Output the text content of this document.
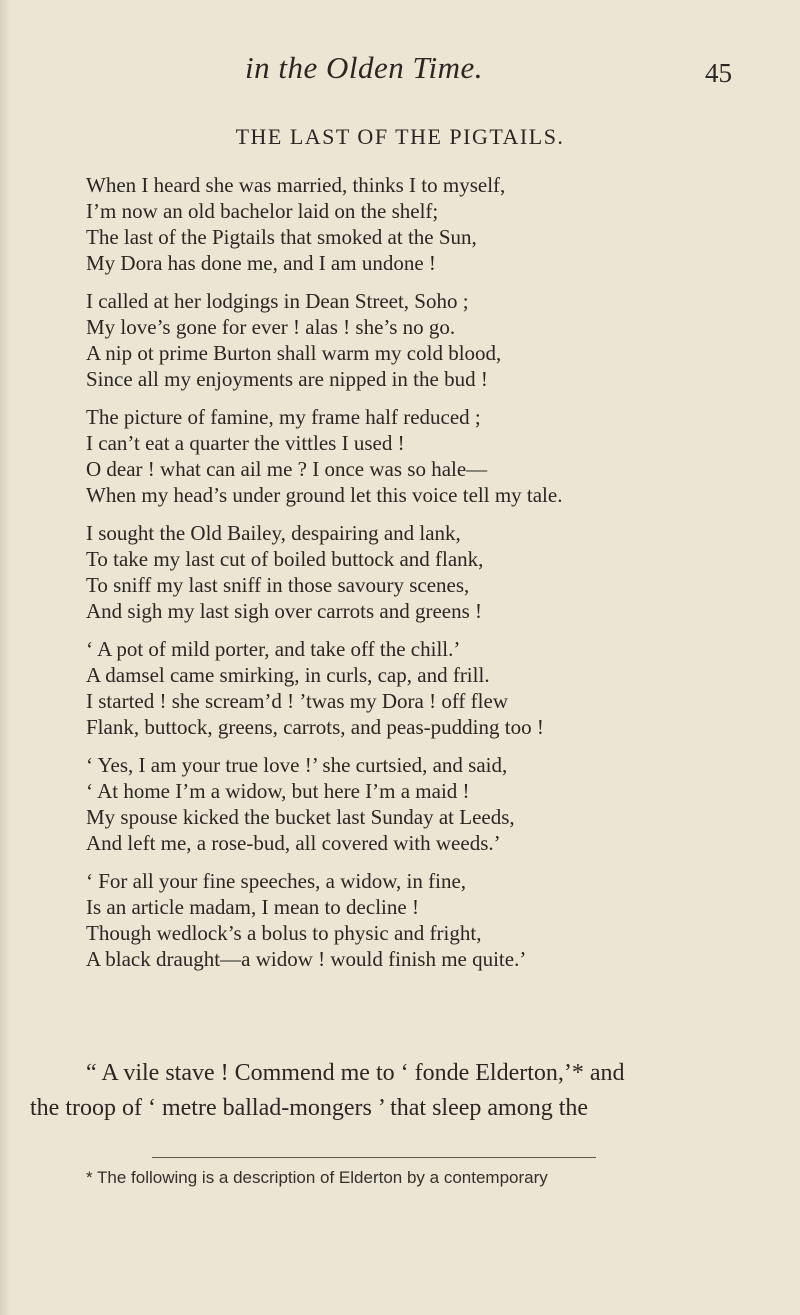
in the Olden Time.	45
THE LAST OF THE PIGTAILS.
When I heard she was married, thinks I to myself,
I’m now an old bachelor laid on the shelf;
The last of the Pigtails that smoked at the Sun,
My Dora has done me, and I am undone !
I called at her lodgings in Dean Street, Soho ;
My love’s gone for ever ! alas ! she’s no go.
A nip ot prime Burton shall warm my cold blood,
Since all my enjoyments are nipped in the bud !
The picture of famine, my frame half reduced ;
I can’t eat a quarter the vittles I used !
O dear ! what can ail me ? I once was so hale—
When my head’s under ground let this voice tell my tale.
I sought the Old Bailey, despairing and lank,
To take my last cut of boiled buttock and flank,
To sniff my last sniff in those savoury scenes,
And sigh my last sigh over carrots and greens !
‘ A pot of mild porter, and take off the chill.’
A damsel came smirking, in curls, cap, and frill.
I started ! she scream’d ! ’twas my Dora ! off flew
Flank, buttock, greens, carrots, and peas-pudding too !
‘ Yes, I am your true love !’ she curtsied, and said,
‘ At home I’m a widow, but here I’m a maid !
My spouse kicked the bucket last Sunday at Leeds,
And left me, a rose-bud, all covered with weeds.’
‘ For all your fine speeches, a widow, in fine,
Is an article madam, I mean to decline !
Though wedlock’s a bolus to physic and fright,
A black draught—a widow ! would finish me quite.’
“ A vile stave ! Commend me to ‘ fonde Elderton,’* and
the troop of ‘ metre ballad-mongers ’ that sleep among the
* The following is a description of Elderton by a contemporary
